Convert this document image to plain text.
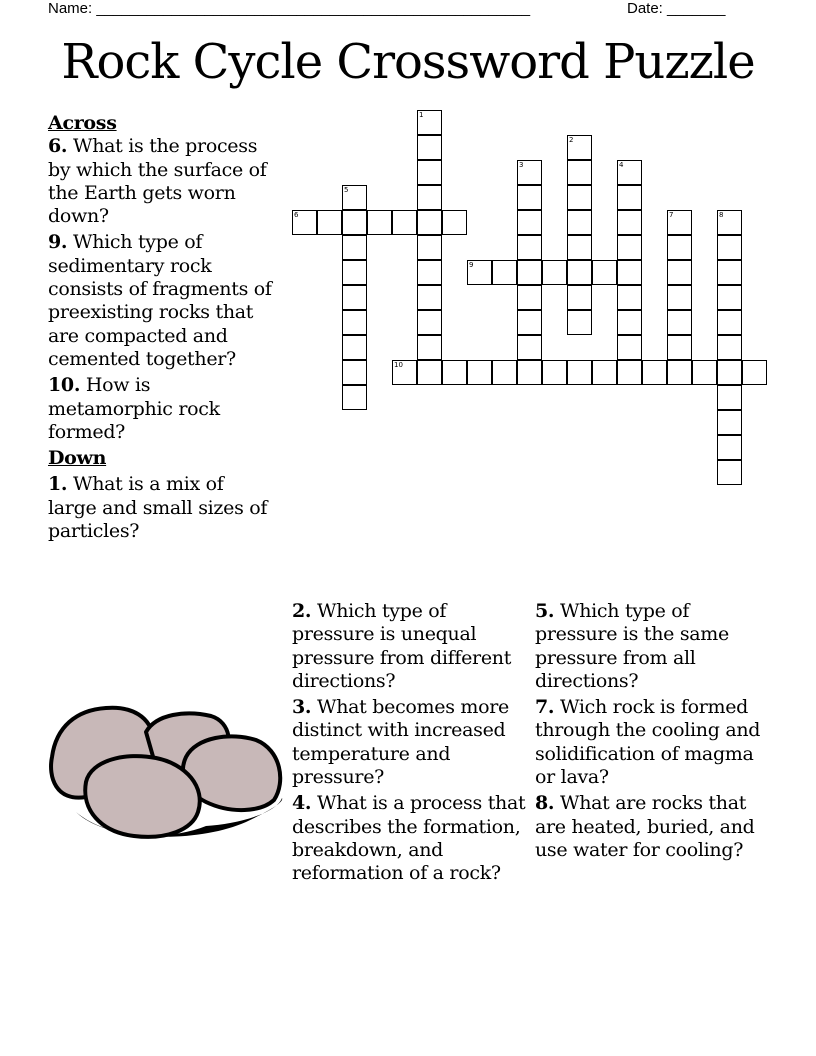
Name: ____________________________________________________	Date: _______
Rock Cycle Crossword Puzzle
Across
6. What is the process by which the surface of the Earth gets worn down?
9. Which type of sedimentary rock consists of fragments of preexisting rocks that are compacted and cemented together?
10. How is metamorphic rock formed?
Down
1. What is a mix of large and small sizes of particles?
2. Which type of pressure is unequal pressure from different directions?
3. What becomes more distinct with increased temperature and pressure?
4. What is a process that describes the formation, breakdown, and reformation of a rock?
5. Which type of pressure is the same pressure from all directions?
7. Wich rock is formed through the cooling and solidification of magma or lava?
8. What are rocks that are heated, buried, and use water for cooling?
1
2
3	4
5
6	7	8
9
10
